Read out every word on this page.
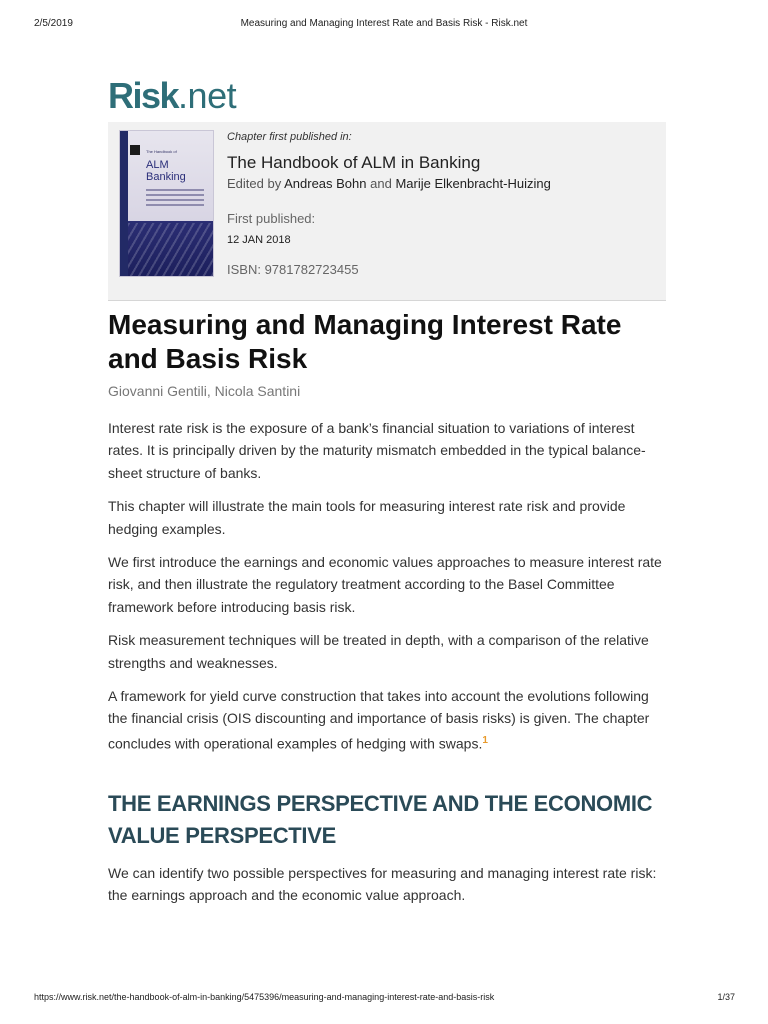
2/5/2019	Measuring and Managing Interest Rate and Basis Risk - Risk.net
Risk.net
The Handbook of
ALM
Banking
Chapter first published in:
The Handbook of ALM in Banking
Edited by Andreas Bohn and Marije Elkenbracht-Huizing
First published:
12 JAN 2018
ISBN: 9781782723455
Measuring and Managing Interest Rate and Basis Risk
Giovanni Gentili, Nicola Santini

Interest rate risk is the exposure of a bank’s financial situation to variations of interest rates. It is principally driven by the maturity mismatch embedded in the typical balance-sheet structure of banks.

This chapter will illustrate the main tools for measuring interest rate risk and provide hedging examples.

We first introduce the earnings and economic values approaches to measure interest rate risk, and then illustrate the regulatory treatment according to the Basel Committee framework before introducing basis risk.

Risk measurement techniques will be treated in depth, with a comparison of the relative strengths and weaknesses.

A framework for yield curve construction that takes into account the evolutions following the financial crisis (OIS discounting and importance of basis risks) is given. The chapter concludes with operational examples of hedging with swaps.$^1$

THE EARNINGS PERSPECTIVE AND THE ECONOMIC VALUE PERSPECTIVE

We can identify two possible perspectives for measuring and managing interest rate risk: the earnings approach and the economic value approach.

https://www.risk.net/the-handbook-of-alm-in-banking/5475396/measuring-and-managing-interest-rate-and-basis-risk	1/37
